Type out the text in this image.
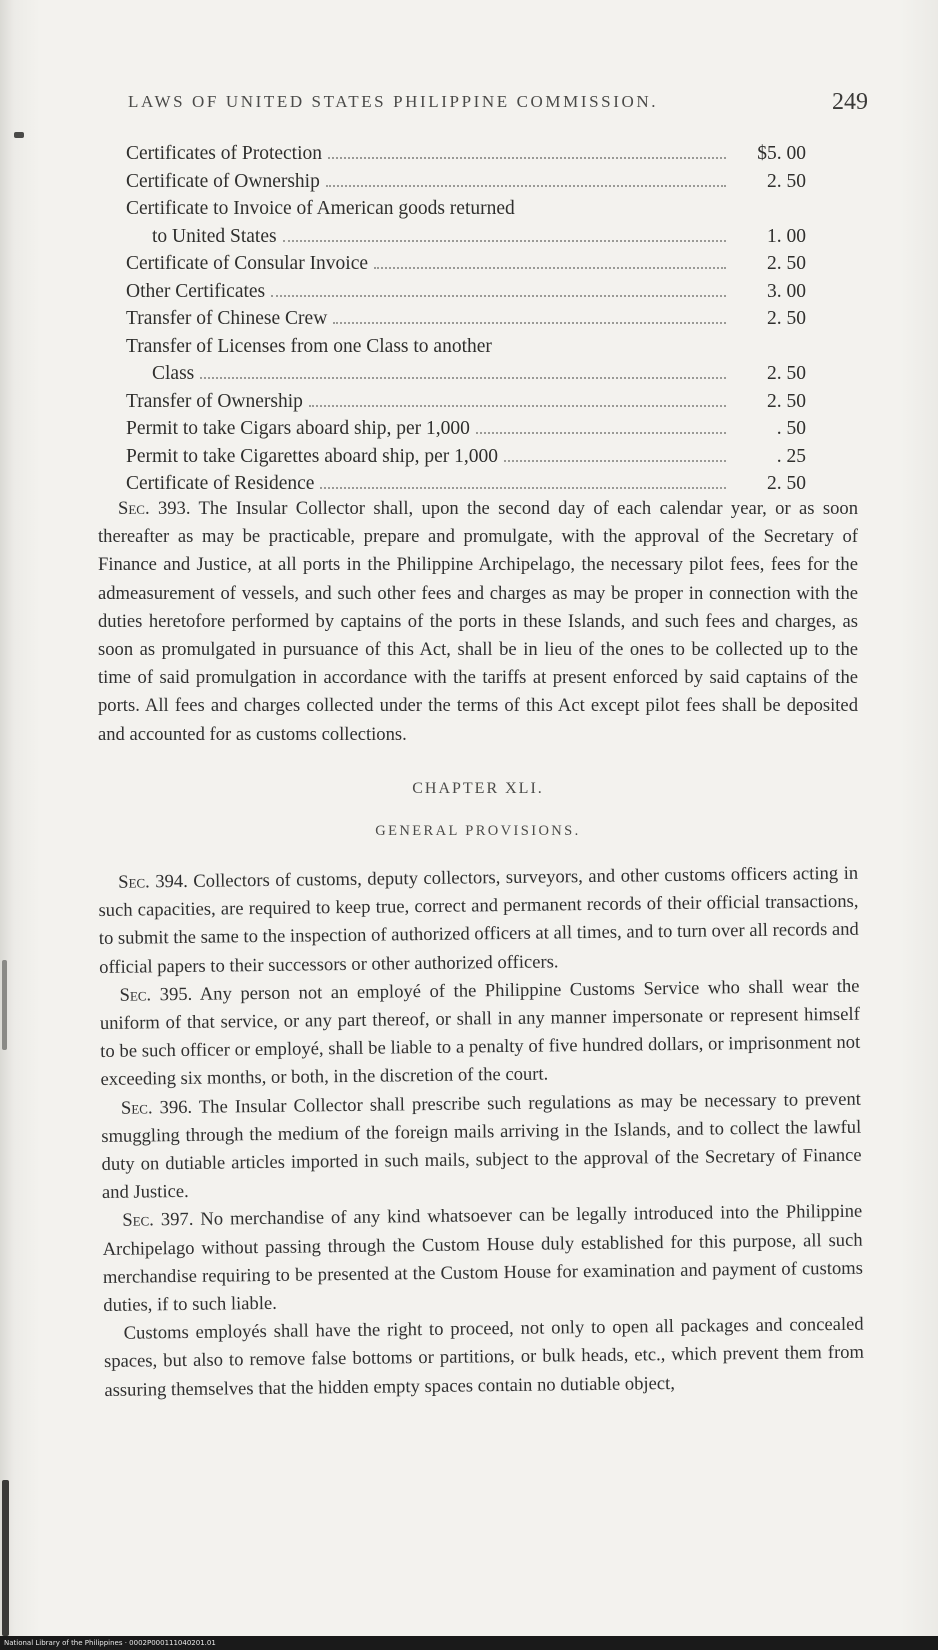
LAWS OF UNITED STATES PHILIPPINE COMMISSION.	249
Certificates of Protection	$5. 00
Certificate of Ownership	2. 50
Certificate to Invoice of American goods returned
to United States	1. 00
Certificate of Consular Invoice	2. 50
Other Certificates	3. 00
Transfer of Chinese Crew	2. 50
Transfer of Licenses from one Class to another
Class	2. 50
Transfer of Ownership	2. 50
Permit to take Cigars aboard ship, per 1,000	. 50
Permit to take Cigarettes aboard ship, per 1,000	. 25
Certificate of Residence	2. 50

Sec. 393. The Insular Collector shall, upon the second day of each calendar year, or as soon thereafter as may be practicable, prepare and promulgate, with the approval of the Secretary of Finance and Justice, at all ports in the Philippine Archipelago, the necessary pilot fees, fees for the admeasurement of vessels, and such other fees and charges as may be proper in connection with the duties heretofore performed by captains of the ports in these Islands, and such fees and charges, as soon as promulgated in pursuance of this Act, shall be in lieu of the ones to be collected up to the time of said promulgation in accordance with the tariffs at present enforced by said captains of the ports. All fees and charges collected under the terms of this Act except pilot fees shall be deposited and accounted for as customs collections.

CHAPTER XLI.
GENERAL PROVISIONS.

Sec. 394. Collectors of customs, deputy collectors, surveyors, and other customs officers acting in such capacities, are required to keep true, correct and permanent records of their official transactions, to submit the same to the inspection of authorized officers at all times, and to turn over all records and official papers to their successors or other authorized officers.

Sec. 395. Any person not an employé of the Philippine Customs Service who shall wear the uniform of that service, or any part thereof, or shall in any manner impersonate or represent himself to be such officer or employé, shall be liable to a penalty of five hundred dollars, or imprisonment not exceeding six months, or both, in the discretion of the court.

Sec. 396. The Insular Collector shall prescribe such regulations as may be necessary to prevent smuggling through the medium of the foreign mails arriving in the Islands, and to collect the lawful duty on dutiable articles imported in such mails, subject to the approval of the Secretary of Finance and Justice.

Sec. 397. No merchandise of any kind whatsoever can be legally introduced into the Philippine Archipelago without passing through the Custom House duly established for this purpose, all such merchandise requiring to be presented at the Custom House for examination and payment of customs duties, if to such liable.

Customs employés shall have the right to proceed, not only to open all packages and concealed spaces, but also to remove false bottoms or partitions, or bulk heads, etc., which prevent them from assuring themselves that the hidden empty spaces contain no dutiable object,

National Library of the Philippines · 0002P000111040201.01
